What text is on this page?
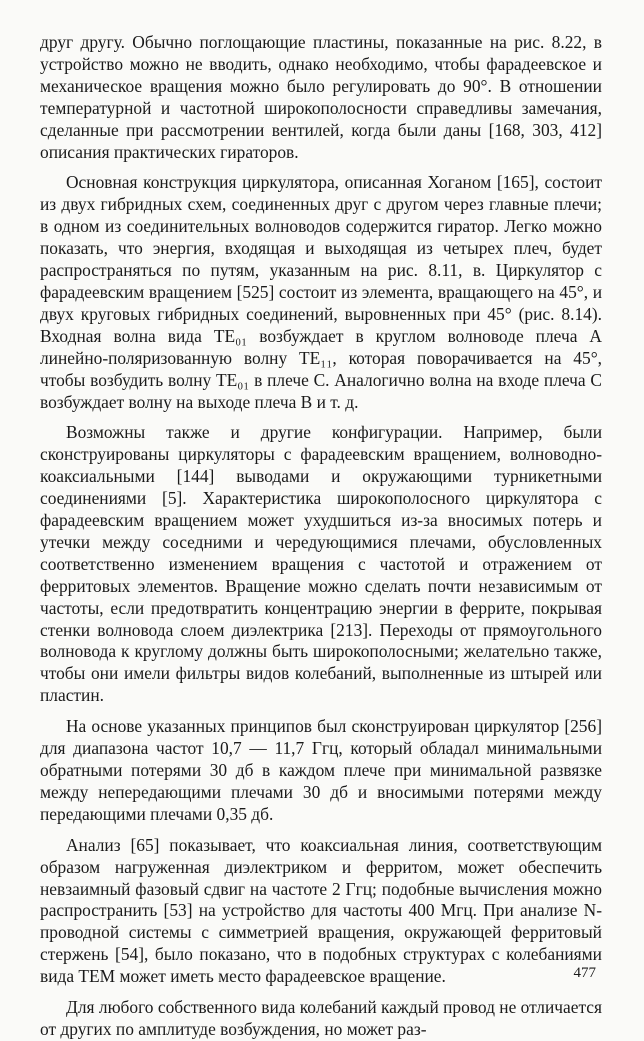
друг другу. Обычно поглощающие пластины, показанные на рис. 8.22, в устройство можно не вводить, однако необходимо, чтобы фарадеевское и механическое вращения можно было регулировать до 90°. В отношении температурной и частотной широкополосности справедливы замечания, сделанные при рассмотрении вентилей, когда были даны [168, 303, 412] описания практических гираторов.

Основная конструкция циркулятора, описанная Хоганом [165], состоит из двух гибридных схем, соединенных друг с другом через главные плечи; в одном из соединительных волноводов содержится гиратор. Легко можно показать, что энергия, входящая и выходящая из четырех плеч, будет распространяться по путям, указанным на рис. 8.11, в. Циркулятор с фарадеевским вращением [525] состоит из элемента, вращающего на 45°, и двух круговых гибридных соединений, выровненных при 45° (рис. 8.14). Входная волна вида TE₀₁ возбуждает в круглом волноводе плеча A линейно-поляризованную волну TE₁₁, которая поворачивается на 45°, чтобы возбудить волну TE₀₁ в плече C. Аналогично волна на входе плеча C возбуждает волну на выходе плеча B и т. д.

Возможны также и другие конфигурации. Например, были сконструированы циркуляторы с фарадеевским вращением, волноводно-коаксиальными [144] выводами и окружающими турникетными соединениями [5]. Характеристика широкополосного циркулятора с фарадеевским вращением может ухудшиться из-за вносимых потерь и утечки между соседними и чередующимися плечами, обусловленных соответственно изменением вращения с частотой и отражением от ферритовых элементов. Вращение можно сделать почти независимым от частоты, если предотвратить концентрацию энергии в феррите, покрывая стенки волновода слоем диэлектрика [213]. Переходы от прямоугольного волновода к круглому должны быть широкополосными; желательно также, чтобы они имели фильтры видов колебаний, выполненные из штырей или пластин.

На основе указанных принципов был сконструирован циркулятор [256] для диапазона частот 10,7 — 11,7 Ггц, который обладал минимальными обратными потерями 30 дб в каждом плече при минимальной развязке между непередающими плечами 30 дб и вносимыми потерями между передающими плечами 0,35 дб.

Анализ [65] показывает, что коаксиальная линия, соответствующим образом нагруженная диэлектриком и ферритом, может обеспечить невзаимный фазовый сдвиг на частоте 2 Ггц; подобные вычисления можно распространить [53] на устройство для частоты 400 Мгц. При анализе N-проводной системы с симметрией вращения, окружающей ферритовый стержень [54], было показано, что в подобных структурах с колебаниями вида TEM может иметь место фарадеевское вращение.

Для любого собственного вида колебаний каждый провод не отличается от других по амплитуде возбуждения, но может раз-

477
